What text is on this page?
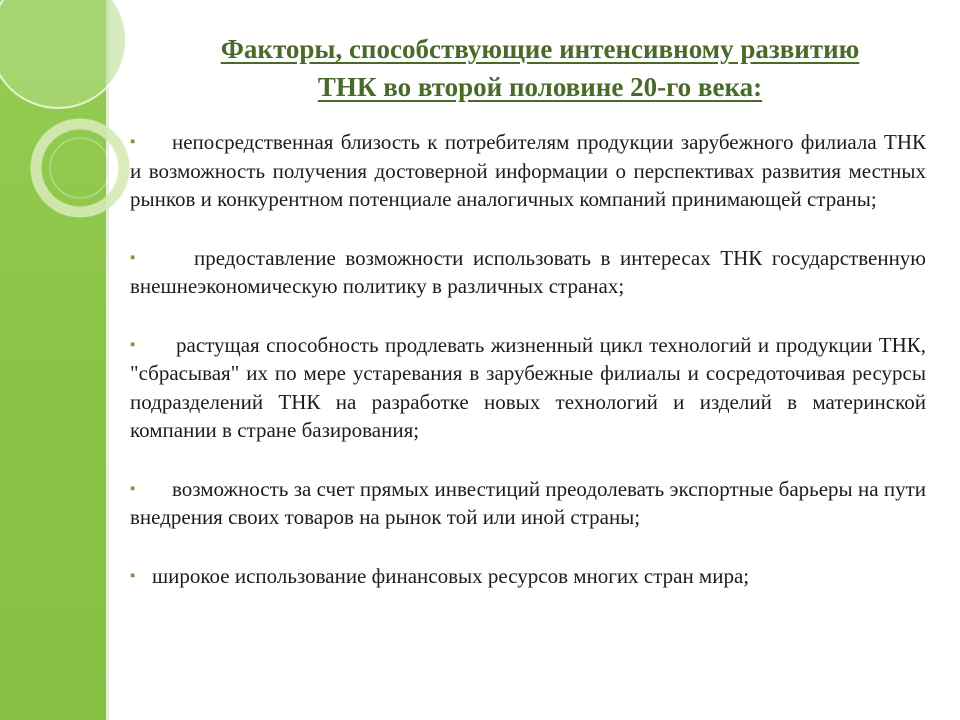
Факторы, способствующие интенсивному развитию
ТНК во второй половине 20-го века:
▪ непосредственная близость к потребителям продукции зарубежного филиала ТНК и возможность получения достоверной информации о перспективах развития местных рынков и конкурентном потенциале аналогичных компаний принимающей страны;
▪	предоставление возможности использовать в интересах ТНК государственную внешнеэкономическую политику в различных странах;
▪ растущая способность продлевать жизненный цикл технологий и продукции ТНК, "сбрасывая" их по мере устаревания в зарубежные филиалы и сосредоточивая ресурсы подразделений ТНК на разработке новых технологий и изделий в материнской компании в стране базирования;
▪ возможность за счет прямых инвестиций преодолевать экспортные барьеры на пути внедрения своих товаров на рынок той или иной страны;
▪ широкое использование финансовых ресурсов многих стран мира;
